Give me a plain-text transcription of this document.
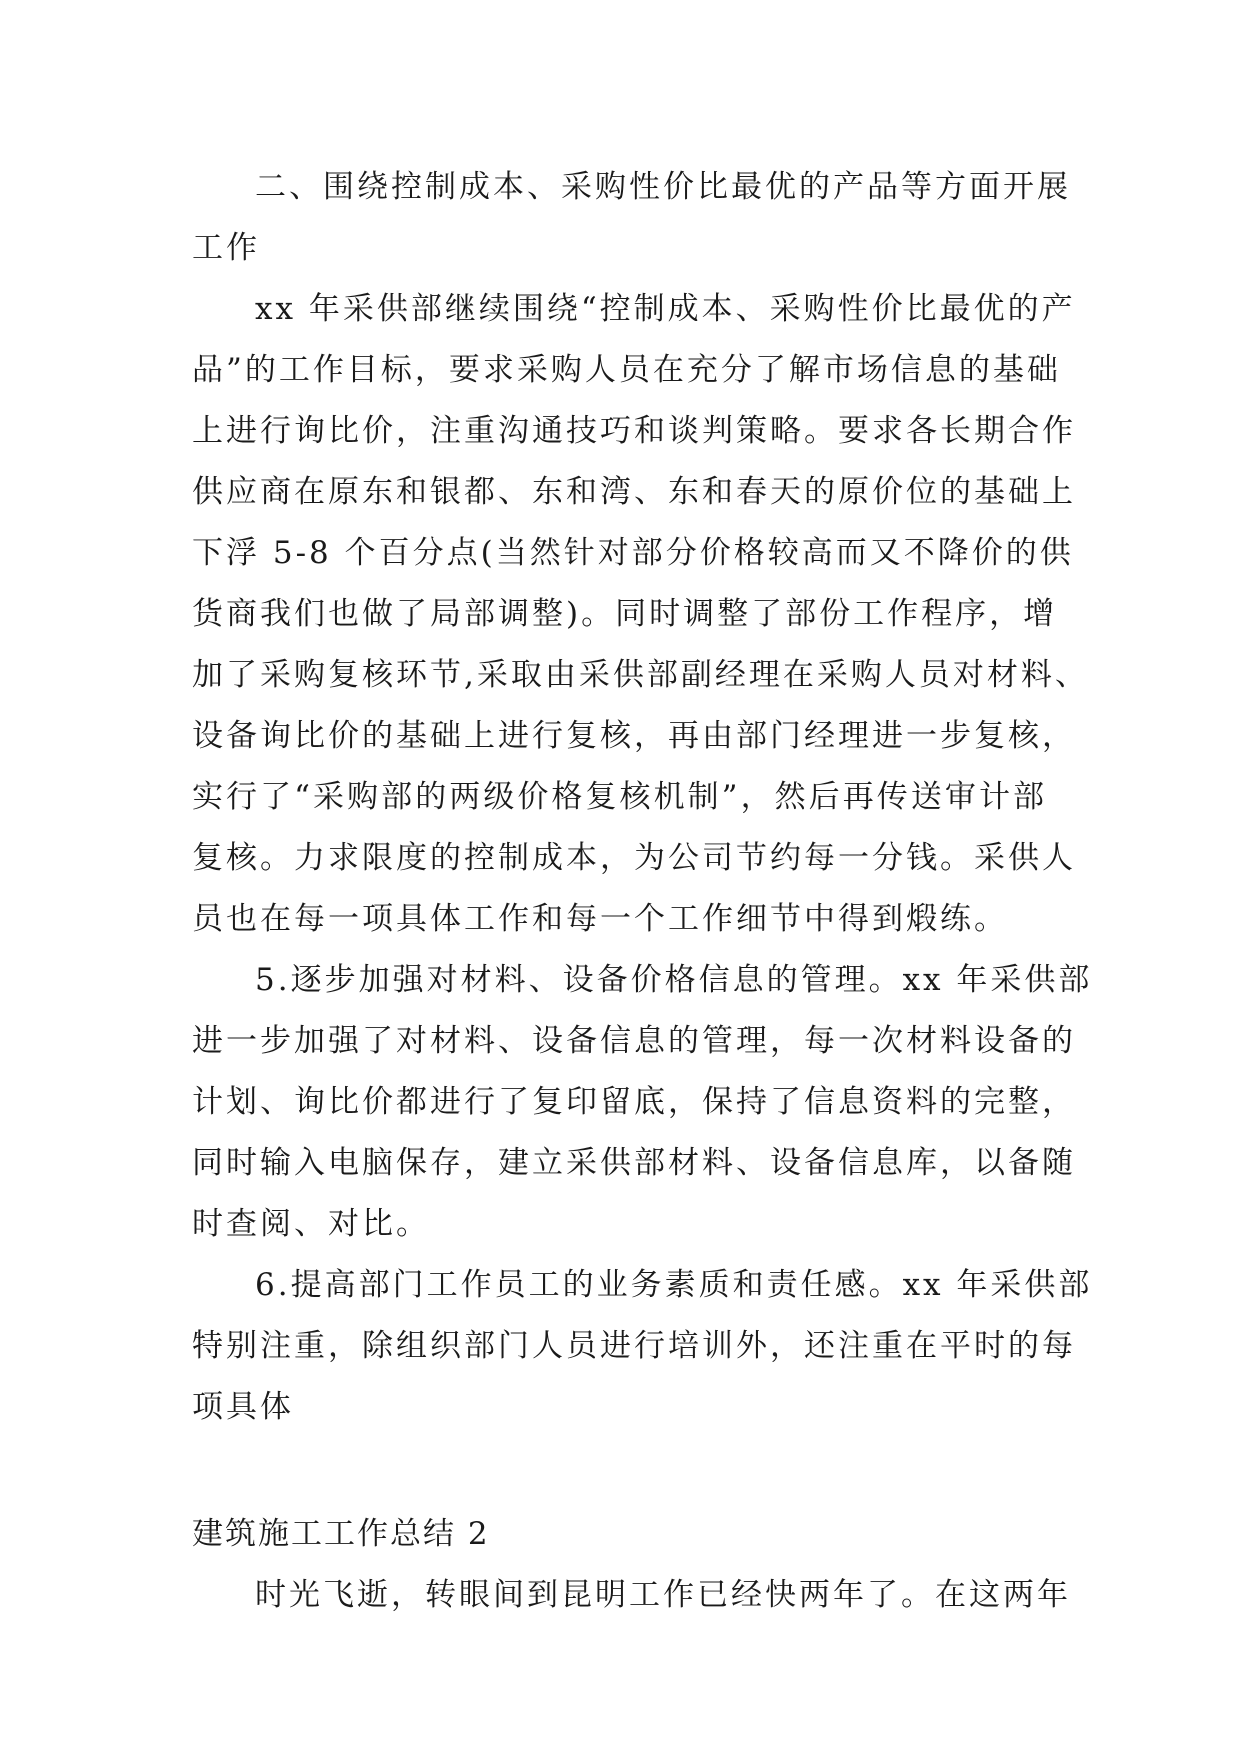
二、围绕控制成本、采购性价比最优的产品等方面开展
工作
xx 年采供部继续围绕“控制成本、采购性价比最优的产
品”的工作目标，要求采购人员在充分了解市场信息的基础
上进行询比价，注重沟通技巧和谈判策略。要求各长期合作
供应商在原东和银都、东和湾、东和春天的原价位的基础上
下浮 5-8 个百分点(当然针对部分价格较高而又不降价的供
货商我们也做了局部调整)。同时调整了部份工作程序，增
加了采购复核环节,采取由采供部副经理在采购人员对材料、
设备询比价的基础上进行复核，再由部门经理进一步复核，
实行了“采购部的两级价格复核机制”，然后再传送审计部
复核。力求限度的控制成本，为公司节约每一分钱。采供人
员也在每一项具体工作和每一个工作细节中得到煅练。
5.逐步加强对材料、设备价格信息的管理。xx 年采供部
进一步加强了对材料、设备信息的管理，每一次材料设备的
计划、询比价都进行了复印留底，保持了信息资料的完整，
同时输入电脑保存，建立采供部材料、设备信息库，以备随
时查阅、对比。
6.提高部门工作员工的业务素质和责任感。xx 年采供部
特别注重，除组织部门人员进行培训外，还注重在平时的每
项具体
建筑施工工作总结 2
时光飞逝，转眼间到昆明工作已经快两年了。在这两年
